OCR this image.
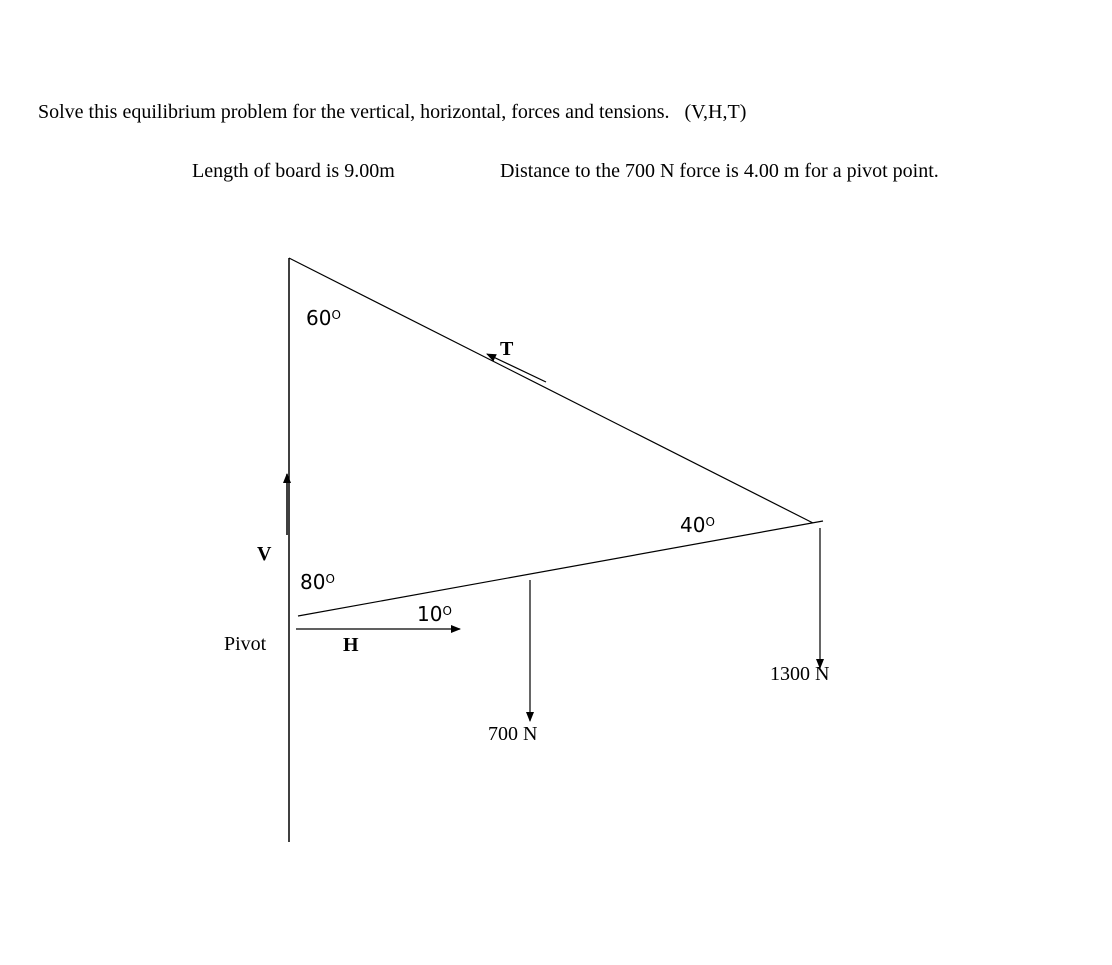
Solve this equilibrium problem for the vertical, horizontal, forces and tensions.   (V,H,T)

Length of board is 9.00m	Distance to the 700 N force is 4.00 m for a pivot point.

T
V
H
Pivot
700 N
1300 N
$60^O$
$80^O$
$10^O$
$40^O$
